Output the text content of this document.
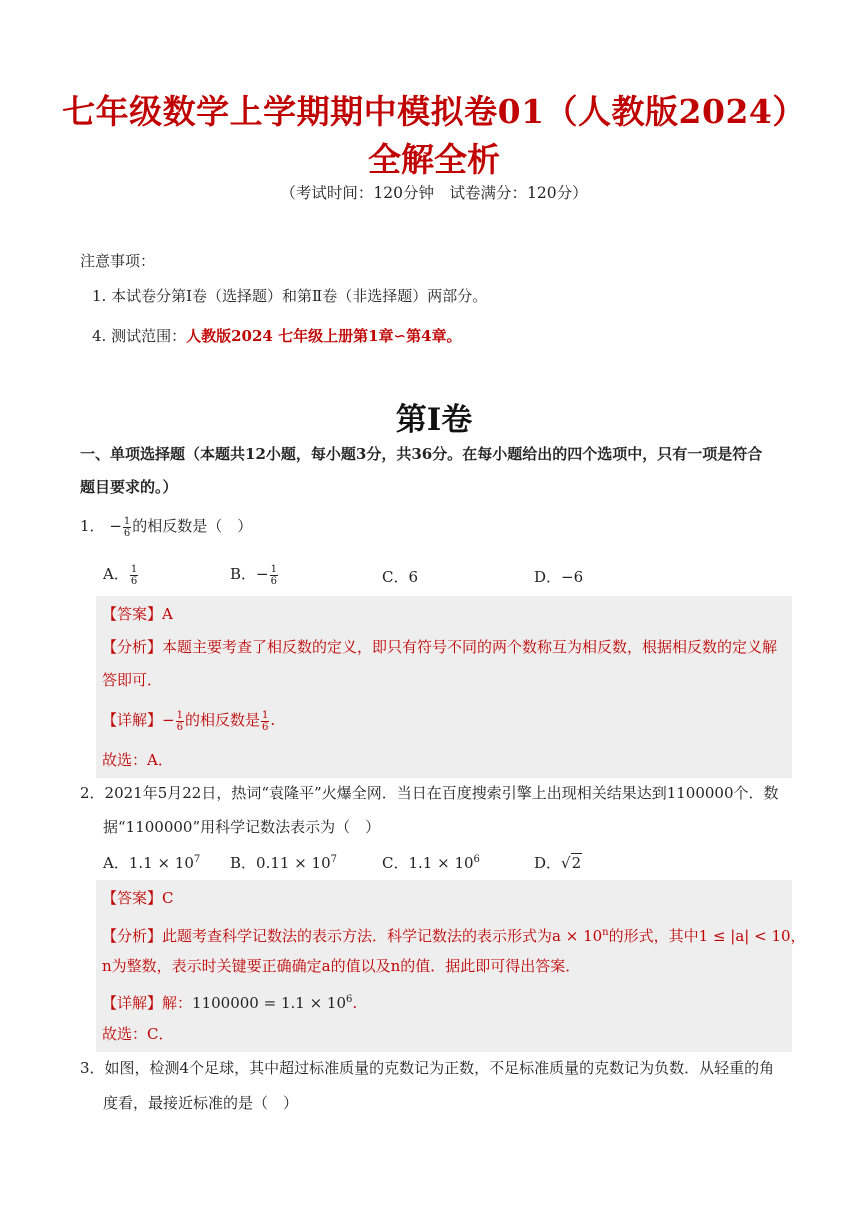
七年级数学上学期期中模拟卷01（人教版2024）
全解全析
（考试时间：120分钟　试卷满分：120分）
注意事项：
1. 本试卷分第Ⅰ卷（选择题）和第Ⅱ卷（非选择题）两部分。
4. 测试范围：人教版2024 七年级上册第1章∽第4章。
第Ⅰ卷
一、单项选择题（本题共12小题，每小题3分，共36分。在每小题给出的四个选项中，只有一项是符合
题目要求的。）
1． − $\frac{1}{6}$ 的相反数是（　）
A． $\frac{1}{6}$	B．− $\frac{1}{6}$	C．6	D．−6
【答案】A
【分析】本题主要考查了相反数的定义，即只有符号不同的两个数称互为相反数，根据相反数的定义解
答即可．
【详解】− $\frac{1}{6}$ 的相反数是 $\frac{1}{6}$ .
故选：A．
2．2021年5月22日，热词“袁隆平”火爆全网．当日在百度搜索引擎上出现相关结果达到1100000个．数
据“1100000”用科学记数法表示为（　）
A．$1.1 \times 10^7$ B．$0.11 \times 10^7$	C．$1.1 \times 10^6$	D．√2
【答案】C
【分析】此题考查科学记数法的表示方法．科学记数法的表示形式为$a \times 10^n$的形式，其中1 ≤ |a| < 10，
n为整数，表示时关键要正确确定a的值以及n的值．据此即可得出答案．
【详解】解：$1100000 = 1.1 \times 10^6$.
故选：C．
3．如图，检测4个足球，其中超过标准质量的克数记为正数，不足标准质量的克数记为负数．从轻重的角
度看，最接近标准的是（　）
